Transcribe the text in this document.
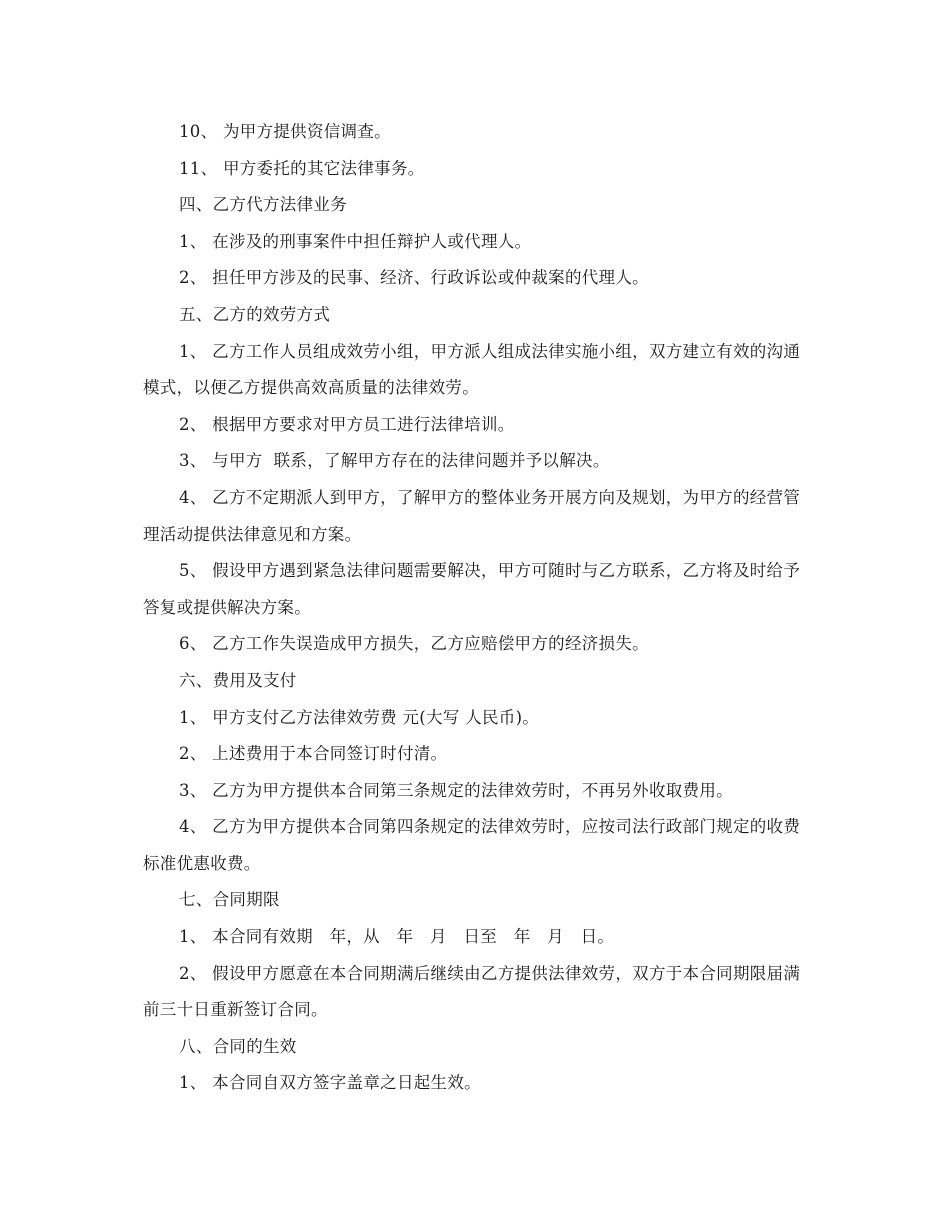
10、 为甲方提供资信调查。

11、 甲方委托的其它法律事务。

四、乙方代方法律业务

1、 在涉及的刑事案件中担任辩护人或代理人。

2、 担任甲方涉及的民事、经济、行政诉讼或仲裁案的代理人。

五、乙方的效劳方式

1、 乙方工作人员组成效劳小组，甲方派人组成法律实施小组，双方建立有效的沟通模式，以便乙方提供高效高质量的法律效劳。

2、 根据甲方要求对甲方员工进行法律培训。

3、 与甲方  联系，了解甲方存在的法律问题并予以解决。

4、 乙方不定期派人到甲方，了解甲方的整体业务开展方向及规划，为甲方的经营管理活动提供法律意见和方案。

5、 假设甲方遇到紧急法律问题需要解决，甲方可随时与乙方联系，乙方将及时给予答复或提供解决方案。

6、 乙方工作失误造成甲方损失，乙方应赔偿甲方的经济损失。

六、费用及支付

1、 甲方支付乙方法律效劳费 元(大写 人民币)。

2、 上述费用于本合同签订时付清。

3、 乙方为甲方提供本合同第三条规定的法律效劳时，不再另外收取费用。

4、 乙方为甲方提供本合同第四条规定的法律效劳时，应按司法行政部门规定的收费标准优惠收费。

七、合同期限

1、 本合同有效期   年，从   年   月   日至   年   月   日。

2、 假设甲方愿意在本合同期满后继续由乙方提供法律效劳，双方于本合同期限届满前三十日重新签订合同。

八、合同的生效

1、 本合同自双方签字盖章之日起生效。
